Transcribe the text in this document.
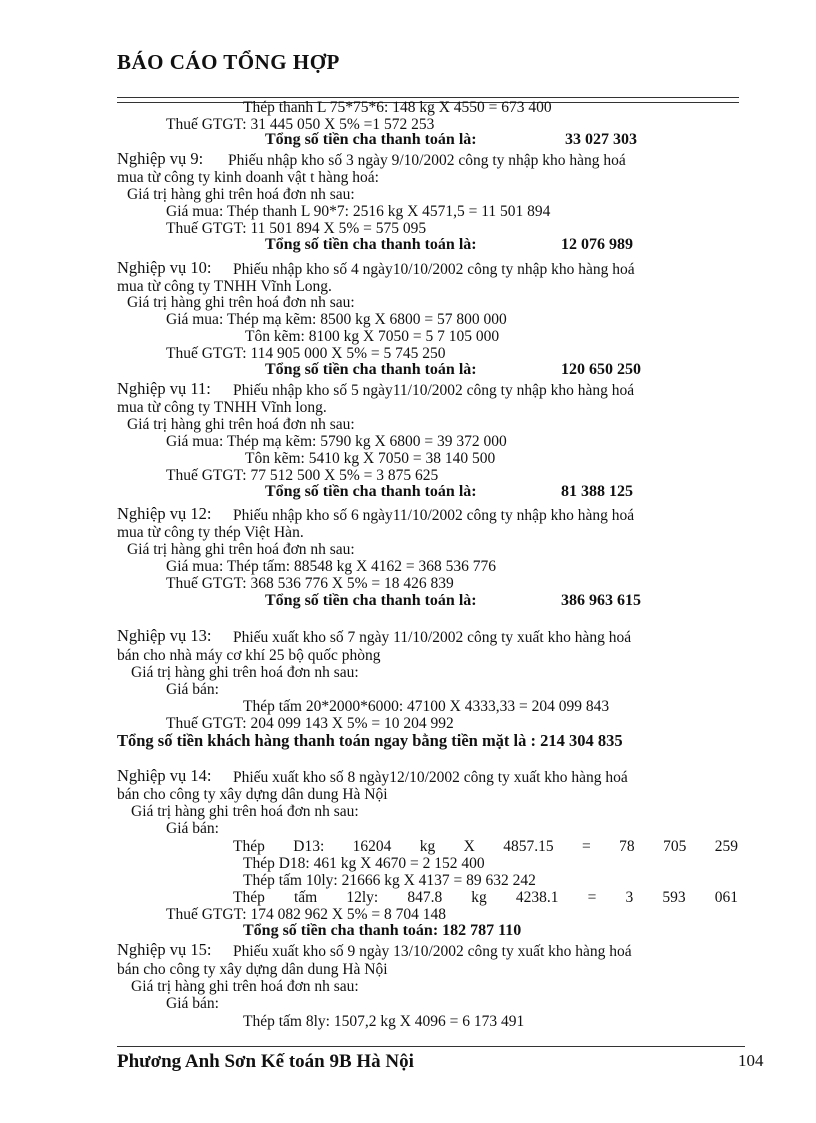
BÁO CÁO TỔNG HỢP
Thép thanh L 75*75*6: 148 kg X 4550 = 673 400
Thuế GTGT: 31 445 050 X 5% =1 572 253
Tổng số tiền cha thanh toán là:	33 027 303
Nghiệp vụ 9: Phiếu nhập kho số 3 ngày 9/10/2002 công ty nhập kho hàng hoá
mua từ công ty kinh doanh vật t hàng hoá:
Giá trị hàng ghi trên hoá đơn nh sau:
Giá mua: Thép thanh L 90*7: 2516 kg X 4571,5 = 11 501 894
Thuế GTGT: 11 501 894 X 5% = 575 095
Tổng số tiền cha thanh toán là:	12 076 989
Nghiệp vụ 10: Phiếu nhập kho số 4 ngày10/10/2002 công ty nhập kho hàng hoá
mua từ công ty TNHH Vĩnh Long.
Giá trị hàng ghi trên hoá đơn nh sau:
Giá mua: Thép mạ kẽm: 8500 kg X 6800 = 57 800 000
Tôn kẽm: 8100 kg X 7050 = 5 7 105 000
Thuế GTGT: 114 905 000 X 5% = 5 745 250
Tổng số tiền cha thanh toán là:	120 650 250
Nghiệp vụ 11: Phiếu nhập kho số 5 ngày11/10/2002 công ty nhập kho hàng hoá
mua từ công ty TNHH Vĩnh long.
Giá trị hàng ghi trên hoá đơn nh sau:
Giá mua: Thép mạ kẽm: 5790 kg X 6800 = 39 372 000
Tôn kẽm: 5410 kg X 7050 = 38 140 500
Thuế GTGT: 77 512 500 X 5% = 3 875 625
Tổng số tiền cha thanh toán là:	81 388 125
Nghiệp vụ 12: Phiếu nhập kho số 6 ngày11/10/2002 công ty nhập kho hàng hoá
mua từ công ty thép Việt Hàn.
Giá trị hàng ghi trên hoá đơn nh sau:
Giá mua: Thép tấm: 88548 kg X 4162 = 368 536 776
Thuế GTGT: 368 536 776 X 5% = 18 426 839
Tổng số tiền cha thanh toán là:	386 963 615
Nghiệp vụ 13: Phiếu xuất kho số 7 ngày 11/10/2002 công ty xuất kho hàng hoá
bán cho nhà máy cơ khí 25 bộ quốc phòng
Giá trị hàng ghi trên hoá đơn nh sau:
Giá bán:
Thép tấm 20*2000*6000: 47100 X 4333,33 = 204 099 843
Thuế GTGT: 204 099 143 X 5% = 10 204 992
Tổng số tiền khách hàng thanh toán ngay bằng tiền mặt là : 214 304 835
Nghiệp vụ 14: Phiếu xuất kho số 8 ngày12/10/2002 công ty xuất kho hàng hoá
bán cho công ty xây dựng dân dung Hà Nội
Giá trị hàng ghi trên hoá đơn nh sau:
Giá bán:
Thép D13: 16204 kg X 4857.15 = 78 705 259
Thép D18: 461 kg X 4670 = 2 152 400
Thép tấm 10ly: 21666 kg X 4137 = 89 632 242
Thép tấm 12ly: 847.8 kg 4238.1 = 3 593 061
Thuế GTGT: 174 082 962 X 5% = 8 704 148
Tổng số tiền cha thanh toán: 182 787 110
Nghiệp vụ 15: Phiếu xuất kho số 9 ngày 13/10/2002 công ty xuất kho hàng hoá
bán cho công ty xây dựng dân dung Hà Nội
Giá trị hàng ghi trên hoá đơn nh sau:
Giá bán:
Thép tấm 8ly: 1507,2 kg X 4096 = 6 173 491
Phương Anh Sơn Kế toán 9B Hà Nội	104
